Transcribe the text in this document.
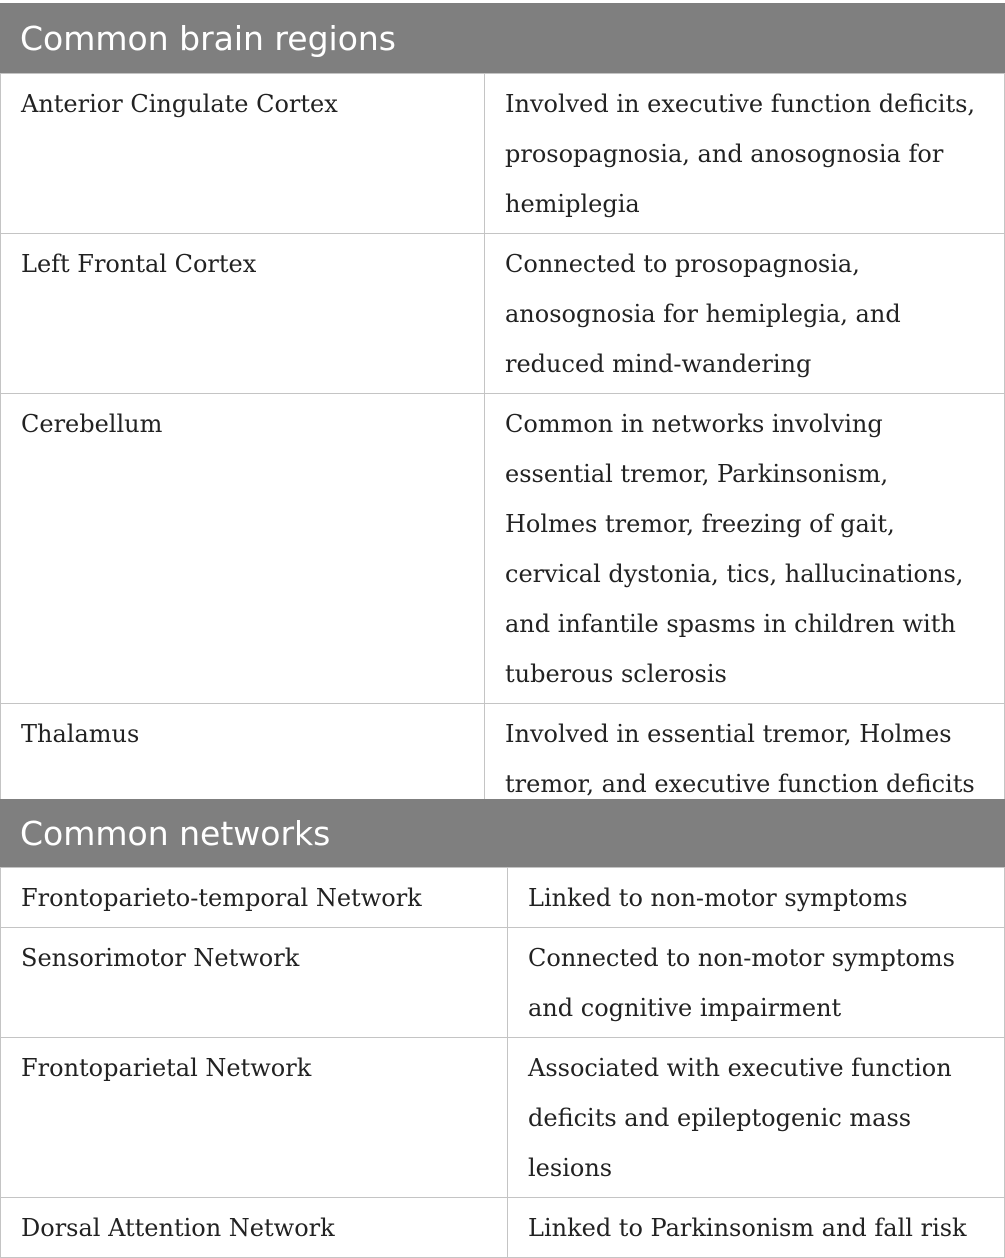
Common brain regions
Anterior Cingulate Cortex	Involved in executive function deficits, prosopagnosia, and anosognosia for hemiplegia
Left Frontal Cortex	Connected to prosopagnosia, anosognosia for hemiplegia, and reduced mind-wandering
Cerebellum	Common in networks involving essential tremor, Parkinsonism, Holmes tremor, freezing of gait, cervical dystonia, tics, hallucinations, and infantile spasms in children with tuberous sclerosis
Thalamus	Involved in essential tremor, Holmes tremor, and executive function deficits
Common networks
Frontoparieto-temporal Network	Linked to non-motor symptoms
Sensorimotor Network	Connected to non-motor symptoms and cognitive impairment
Frontoparietal Network	Associated with executive function deficits and epileptogenic mass lesions
Dorsal Attention Network	Linked to Parkinsonism and fall risk
